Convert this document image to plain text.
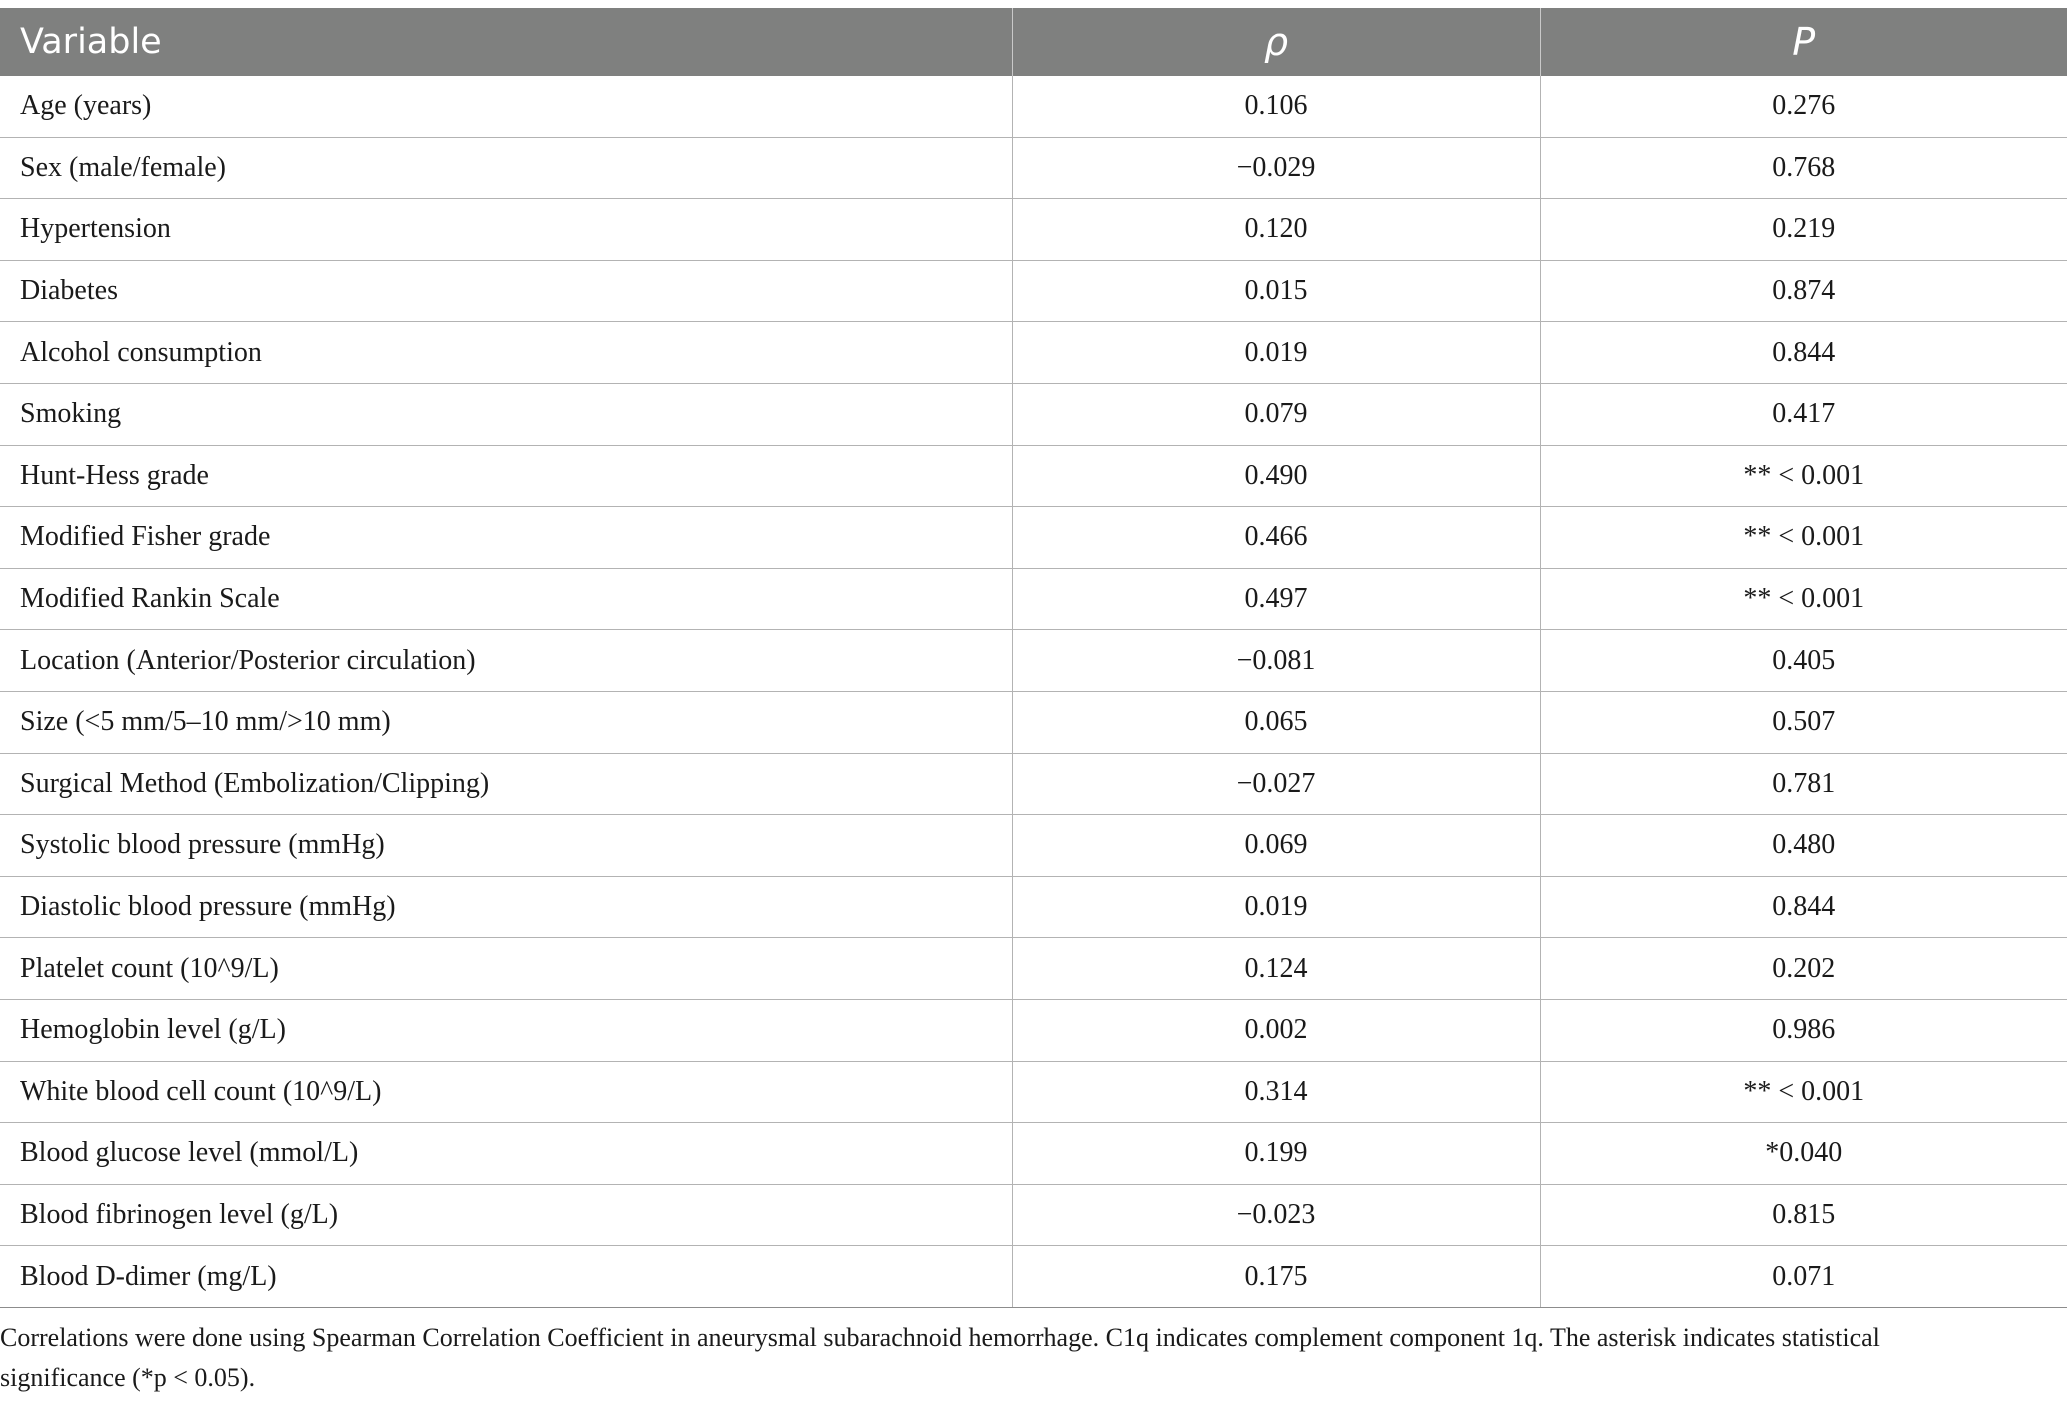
Variable	ρ	P
Age (years)	0.106	0.276
Sex (male/female)	−0.029	0.768
Hypertension	0.120	0.219
Diabetes	0.015	0.874
Alcohol consumption	0.019	0.844
Smoking	0.079	0.417
Hunt-Hess grade	0.490	** < 0.001
Modified Fisher grade	0.466	** < 0.001
Modified Rankin Scale	0.497	** < 0.001
Location (Anterior/Posterior circulation)	−0.081	0.405
Size (<5 mm/5–10 mm/>10 mm)	0.065	0.507
Surgical Method (Embolization/Clipping)	−0.027	0.781
Systolic blood pressure (mmHg)	0.069	0.480
Diastolic blood pressure (mmHg)	0.019	0.844
Platelet count (10^9/L)	0.124	0.202
Hemoglobin level (g/L)	0.002	0.986
White blood cell count (10^9/L)	0.314	** < 0.001
Blood glucose level (mmol/L)	0.199	*0.040
Blood fibrinogen level (g/L)	−0.023	0.815
Blood D-dimer (mg/L)	0.175	0.071
Correlations were done using Spearman Correlation Coefficient in aneurysmal subarachnoid hemorrhage. C1q indicates complement component 1q. The asterisk indicates statistical
significance (*p < 0.05).
